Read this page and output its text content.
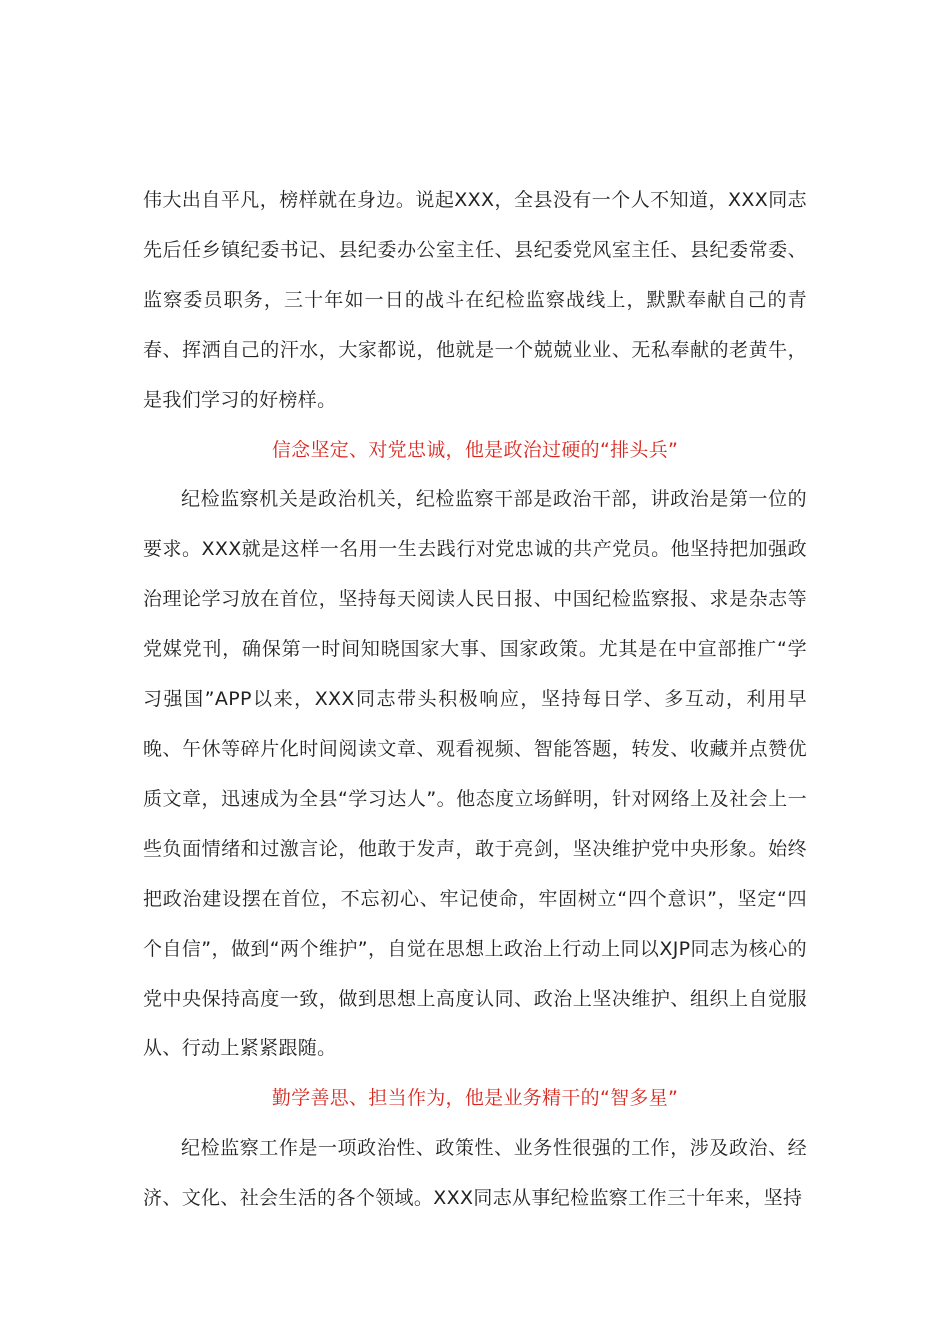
伟大出自平凡，榜样就在身边。说起XXX，全县没有一个人不知道，XXX同志先后任乡镇纪委书记、县纪委办公室主任、县纪委党风室主任、县纪委常委、监察委员职务，三十年如一日的战斗在纪检监察战线上，默默奉献自己的青春、挥洒自己的汗水，大家都说，他就是一个兢兢业业、无私奉献的老黄牛，是我们学习的好榜样。

信念坚定、对党忠诚，他是政治过硬的“排头兵”

纪检监察机关是政治机关，纪检监察干部是政治干部，讲政治是第一位的要求。XXX就是这样一名用一生去践行对党忠诚的共产党员。他坚持把加强政治理论学习放在首位，坚持每天阅读人民日报、中国纪检监察报、求是杂志等党媒党刊，确保第一时间知晓国家大事、国家政策。尤其是在中宣部推广“学习强国”APP以来，XXX同志带头积极响应，坚持每日学、多互动，利用早晚、午休等碎片化时间阅读文章、观看视频、智能答题，转发、收藏并点赞优质文章，迅速成为全县“学习达人”。他态度立场鲜明，针对网络上及社会上一些负面情绪和过激言论，他敢于发声，敢于亮剑，坚决维护党中央形象。始终把政治建设摆在首位，不忘初心、牢记使命，牢固树立“四个意识”，坚定“四个自信”，做到“两个维护”，自觉在思想上政治上行动上同以XJP同志为核心的党中央保持高度一致，做到思想上高度认同、政治上坚决维护、组织上自觉服从、行动上紧紧跟随。

勤学善思、担当作为，他是业务精干的“智多星”

纪检监察工作是一项政治性、政策性、业务性很强的工作，涉及政治、经济、文化、社会生活的各个领域。XXX同志从事纪检监察工作三十年来，坚持
